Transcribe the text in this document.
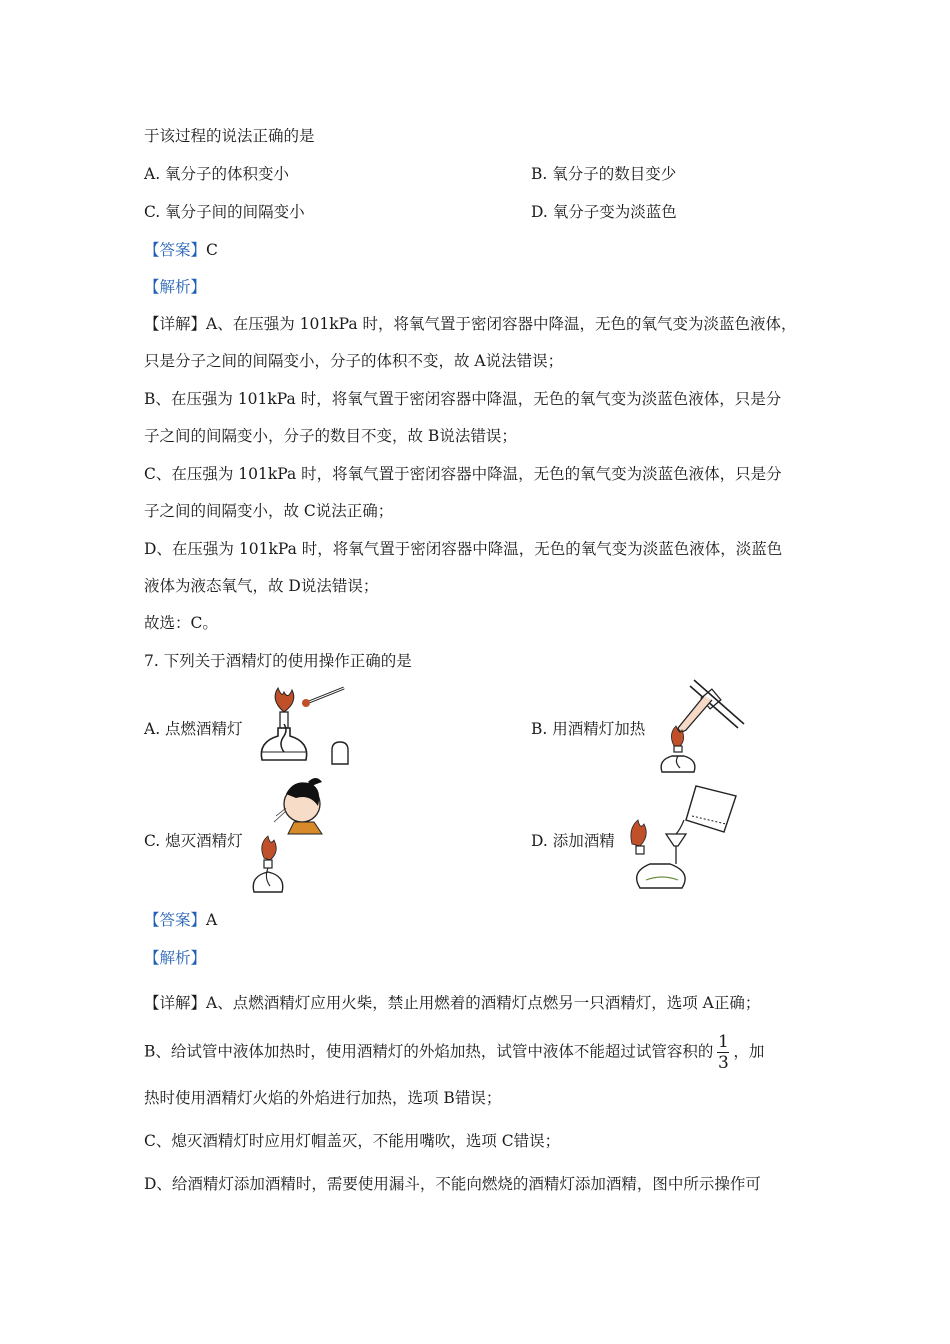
于该过程的说法正确的是
A. 氧分子的体积变小	B. 氧分子的数目变少
C. 氧分子间的间隔变小	D. 氧分子变为淡蓝色
【答案】C
【解析】
【详解】A、在压强为 101kPa 时，将氧气置于密闭容器中降温，无色的氧气变为淡蓝色液体，
只是分子之间的间隔变小，分子的体积不变，故 A说法错误；
B、在压强为 101kPa 时，将氧气置于密闭容器中降温，无色的氧气变为淡蓝色液体，只是分
子之间的间隔变小，分子的数目不变，故 B说法错误；
C、在压强为 101kPa 时，将氧气置于密闭容器中降温，无色的氧气变为淡蓝色液体，只是分
子之间的间隔变小，故 C说法正确；
D、在压强为 101kPa 时，将氧气置于密闭容器中降温，无色的氧气变为淡蓝色液体，淡蓝色
液体为液态氧气，故 D说法错误；
故选：C。
7. 下列关于酒精灯的使用操作正确的是
A. 点燃酒精灯	B. 用酒精灯加热
C. 熄灭酒精灯	D. 添加酒精
【答案】A
【解析】
【详解】A、点燃酒精灯应用火柴，禁止用燃着的酒精灯点燃另一只酒精灯，选项 A正确；
B、给试管中液体加热时，使用酒精灯的外焰加热，试管中液体不能超过试管容积的 $\frac{1}{3}$ ，加
热时使用酒精灯火焰的外焰进行加热，选项 B错误；
C、熄灭酒精灯时应用灯帽盖灭，不能用嘴吹，选项 C错误；
D、给酒精灯添加酒精时，需要使用漏斗，不能向燃烧的酒精灯添加酒精，图中所示操作可
